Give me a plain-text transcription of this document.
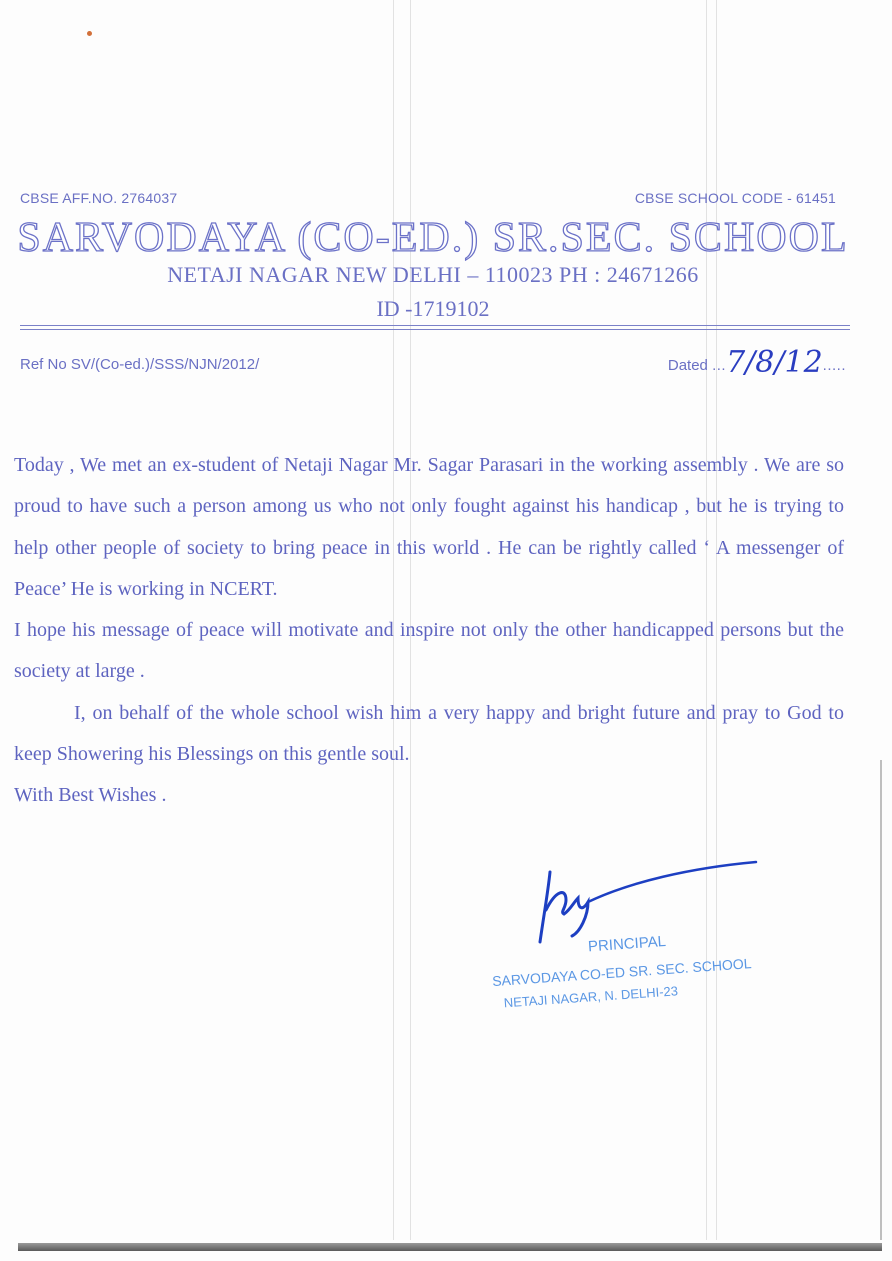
CBSE AFF.NO. 2764037	CBSE SCHOOL CODE - 61451
SARVODAYA (CO-ED.) SR.SEC. SCHOOL
NETAJI NAGAR NEW DELHI – 110023 PH : 24671266
ID -1719102
Ref No SV/(Co-ed.)/SSS/NJN/2012/	Dated ...7/8/12.....

Today , We met an ex-student of Netaji Nagar Mr. Sagar Parasari in the working assembly . We are so proud to have such a person among us who not only fought against his handicap , but he is trying to help other people of society to bring peace in this world . He can be rightly called ‘ A messenger of Peace’ He is working in NCERT.

I hope his message of peace will motivate and inspire not only the other handicapped persons but the society at large .

I, on behalf of the whole school wish him a very happy and bright future and pray to God to keep Showering his Blessings on this gentle soul.

With Best Wishes .

PRINCIPAL
SARVODAYA CO-ED SR. SEC. SCHOOL
NETAJI NAGAR, N. DELHI-23
